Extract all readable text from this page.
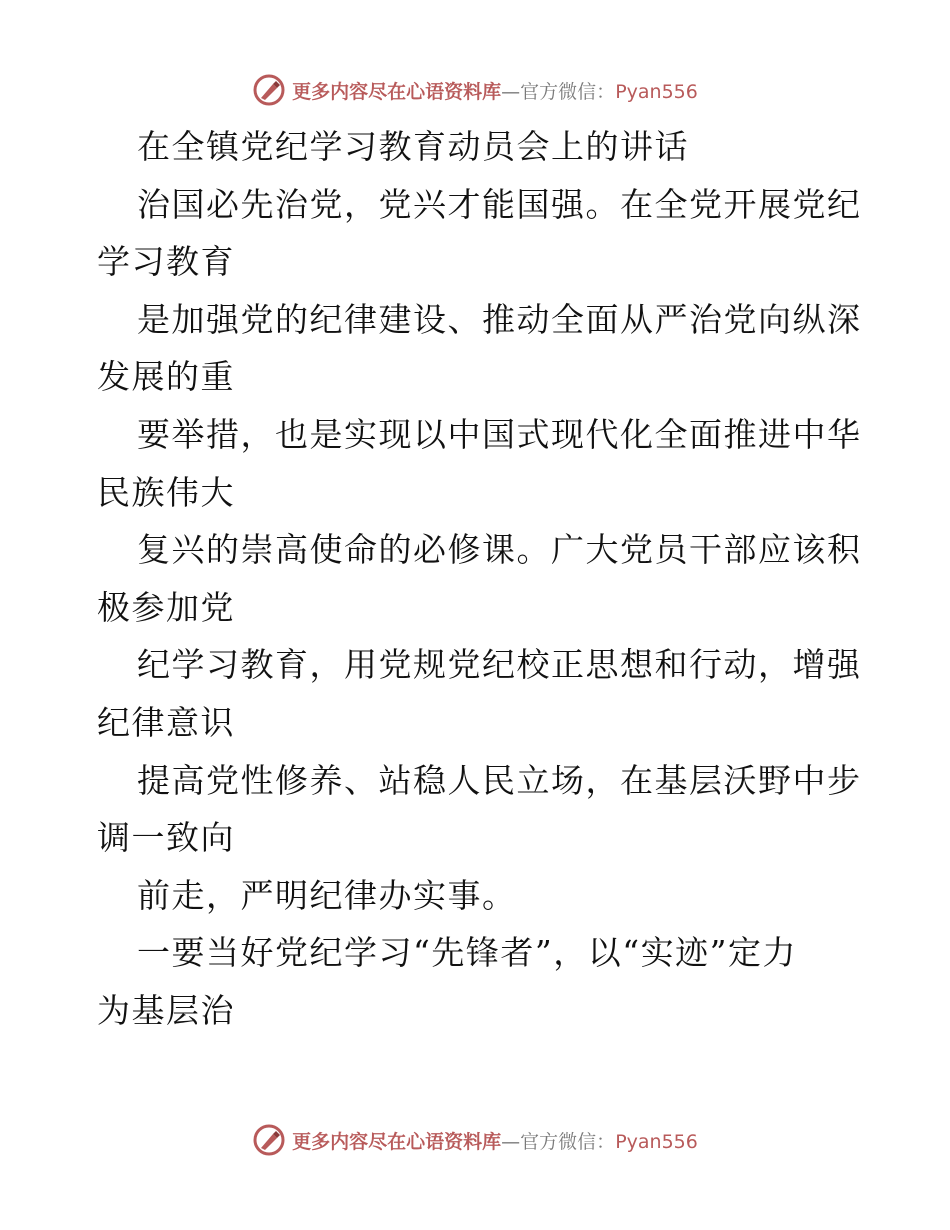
更多内容尽在心语资料库—官方微信：Pyan556
在全镇党纪学习教育动员会上的讲话
治国必先治党，党兴才能国强。在全党开展党纪
学习教育
是加强党的纪律建设、推动全面从严治党向纵深
发展的重
要举措，也是实现以中国式现代化全面推进中华
民族伟大
复兴的崇高使命的必修课。广大党员干部应该积
极参加党
纪学习教育，用党规党纪校正思想和行动，增强
纪律意识
提高党性修养、站稳人民立场，在基层沃野中步
调一致向
前走，严明纪律办实事。
一要当好党纪学习“先锋者”，以“实迹”定力
为基层治
更多内容尽在心语资料库—官方微信：Pyan556
